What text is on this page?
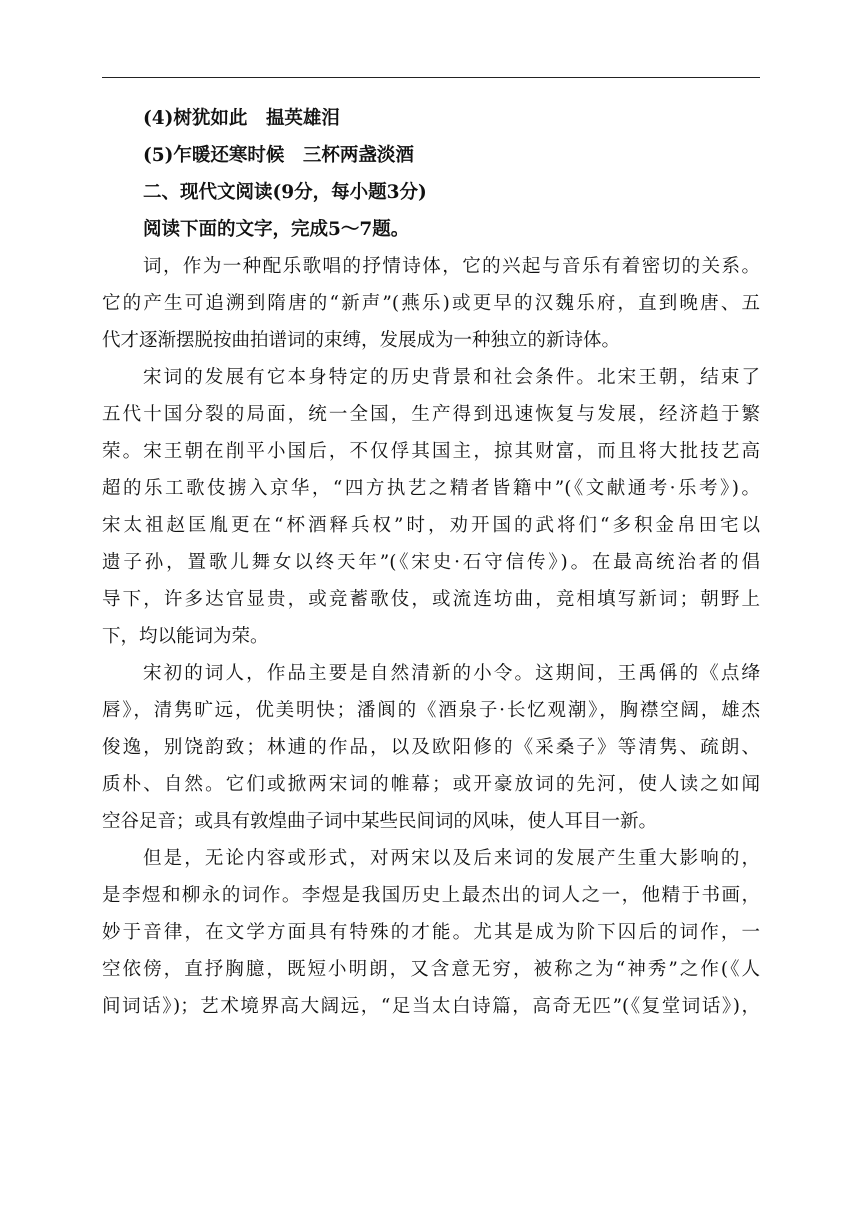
(4)树犹如此　揾英雄泪
(5)乍暖还寒时候　三杯两盏淡酒
二、现代文阅读(9分，每小题3分)
阅读下面的文字，完成5～7题。
词，作为一种配乐歌唱的抒情诗体，它的兴起与音乐有着密切的关系。
它的产生可追溯到隋唐的“新声”(燕乐)或更早的汉魏乐府，直到晚唐、五
代才逐渐摆脱按曲拍谱词的束缚，发展成为一种独立的新诗体。
宋词的发展有它本身特定的历史背景和社会条件。北宋王朝，结束了
五代十国分裂的局面，统一全国，生产得到迅速恢复与发展，经济趋于繁
荣。宋王朝在削平小国后，不仅俘其国主，掠其财富，而且将大批技艺高
超的乐工歌伎掳入京华，“四方执艺之精者皆籍中”(《文献通考·乐考》)。
宋太祖赵匡胤更在“杯酒释兵权”时，劝开国的武将们“多积金帛田宅以
遗子孙，置歌儿舞女以终天年”(《宋史·石守信传》)。在最高统治者的倡
导下，许多达官显贵，或竞蓄歌伎，或流连坊曲，竞相填写新词；朝野上
下，均以能词为荣。
宋初的词人，作品主要是自然清新的小令。这期间，王禹偁的《点绛
唇》，清隽旷远，优美明快；潘阆的《酒泉子·长忆观潮》，胸襟空阔，雄杰
俊逸，别饶韵致；林逋的作品，以及欧阳修的《采桑子》等清隽、疏朗、
质朴、自然。它们或掀两宋词的帷幕；或开豪放词的先河，使人读之如闻
空谷足音；或具有敦煌曲子词中某些民间词的风味，使人耳目一新。
但是，无论内容或形式，对两宋以及后来词的发展产生重大影响的，
是李煜和柳永的词作。李煜是我国历史上最杰出的词人之一，他精于书画，
妙于音律，在文学方面具有特殊的才能。尤其是成为阶下囚后的词作，一
空依傍，直抒胸臆，既短小明朗，又含意无穷，被称之为“神秀”之作(《人
间词话》)；艺术境界高大阔远，“足当太白诗篇，高奇无匹”(《复堂词话》)，
